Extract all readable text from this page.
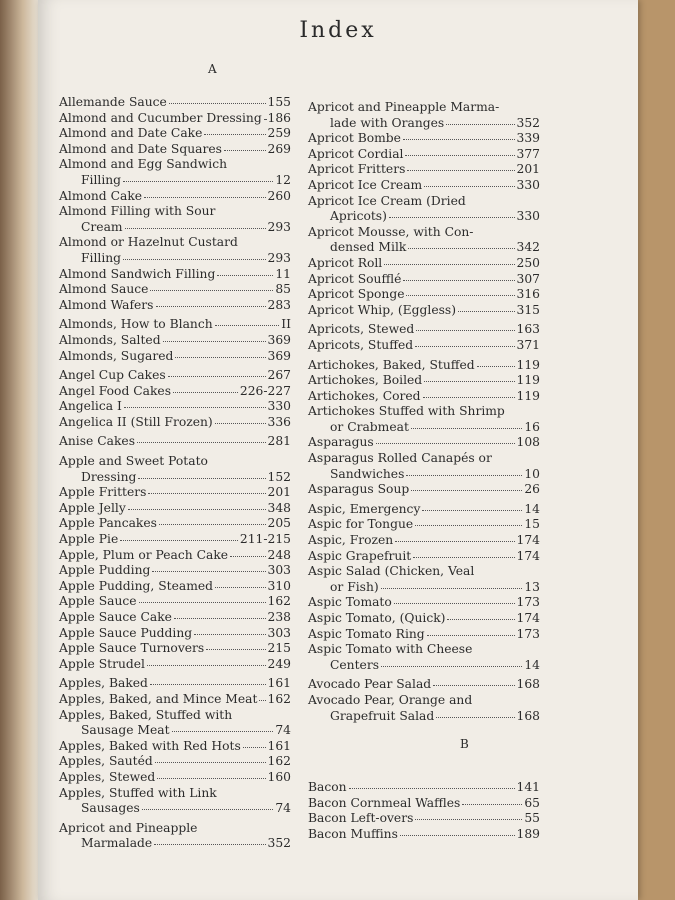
Index
A
B
Allemande Sauce	155
Almond and Cucumber Dressing 186
Almond and Date Cake	259
Almond and Date Squares	269
Almond and Egg Sandwich
Filling	12
Almond Cake	260
Almond Filling with Sour
Cream	293
Almond or Hazelnut Custard
Filling	293
Almond Sandwich Filling	11
Almond Sauce	85
Almond Wafers	283
Almonds, How to Blanch	II
Almonds, Salted	369
Almonds, Sugared	369
Angel Cup Cakes	267
Angel Food Cakes	226-227
Angelica I	330
Angelica II (Still Frozen)	336
Anise Cakes	281
Apple and Sweet Potato
Dressing	152
Apple Fritters	201
Apple Jelly	348
Apple Pancakes	205
Apple Pie	211-215
Apple, Plum or Peach Cake	248
Apple Pudding	303
Apple Pudding, Steamed	310
Apple Sauce	162
Apple Sauce Cake	238
Apple Sauce Pudding	303
Apple Sauce Turnovers	215
Apple Strudel	249
Apples, Baked	161
Apples, Baked, and Mince Meat 162
Apples, Baked, Stuffed with
Sausage Meat	74
Apples, Baked with Red Hots 161
Apples, Sautéd	162
Apples, Stewed	160
Apples, Stuffed with Link
Sausages	74
Apricot and Pineapple
Marmalade	352
Apricot and Pineapple Marma-
lade with Oranges	352
Apricot Bombe	339
Apricot Cordial	377
Apricot Fritters	201
Apricot Ice Cream	330
Apricot Ice Cream (Dried
Apricots)	330
Apricot Mousse, with Con-
densed Milk	342
Apricot Roll	250
Apricot Soufflé	307
Apricot Sponge	316
Apricot Whip, (Eggless)	315
Apricots, Stewed	163
Apricots, Stuffed	371
Artichokes, Baked, Stuffed	119
Artichokes, Boiled	119
Artichokes, Cored	119
Artichokes Stuffed with Shrimp
or Crabmeat	16
Asparagus	108
Asparagus Rolled Canapés or
Sandwiches	10
Asparagus Soup	26
Aspic, Emergency	14
Aspic for Tongue	15
Aspic, Frozen	174
Aspic Grapefruit	174
Aspic Salad (Chicken, Veal
or Fish)	13
Aspic Tomato	173
Aspic Tomato, (Quick)	174
Aspic Tomato Ring	173
Aspic Tomato with Cheese
Centers	14
Avocado Pear Salad	168
Avocado Pear, Orange and
Grapefruit Salad	168
Bacon	141
Bacon Cornmeal Waffles	65
Bacon Left-overs	55
Bacon Muffins	189
